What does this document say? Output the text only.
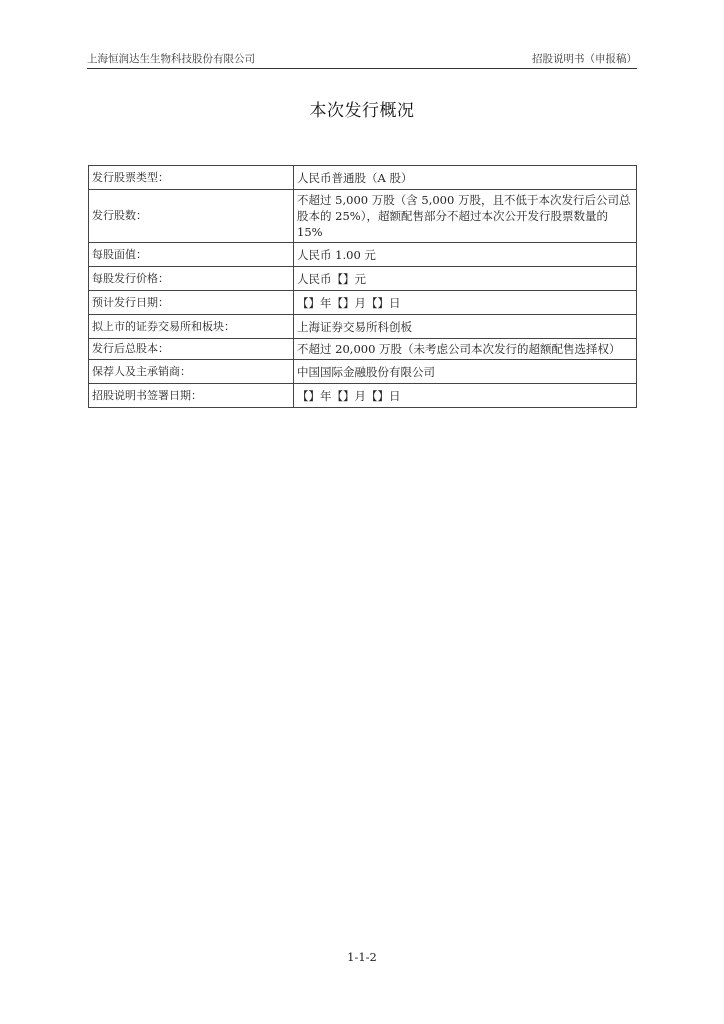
上海恒润达生生物科技股份有限公司	招股说明书（申报稿）
本次发行概况
发行股票类型：	人民币普通股（A 股）
发行股数：	不超过 5,000 万股（含 5,000 万股，且不低于本次发行后公司总股本的 25%），超额配售部分不超过本次公开发行股票数量的 15%
每股面值：	人民币 1.00 元
每股发行价格：	人民币【】元
预计发行日期：	【】年【】月【】日
拟上市的证券交易所和板块：	上海证券交易所科创板
发行后总股本：	不超过 20,000 万股（未考虑公司本次发行的超额配售选择权）
保荐人及主承销商：	中国国际金融股份有限公司
招股说明书签署日期：	【】年【】月【】日
1-1-2
